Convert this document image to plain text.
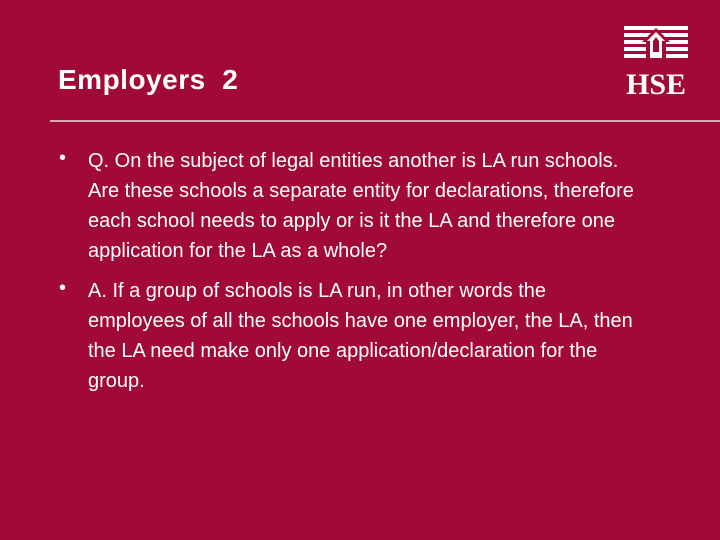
Employers  2	HSE
• Q. On the subject of legal entities another is LA run schools. Are these schools a separate entity for declarations, therefore each school needs to apply or is it the LA and therefore one application for the LA as a whole?
• A. If a group of schools is LA run, in other words the employees of all the schools have one employer, the LA, then the LA need make only one application/declaration for the group.
